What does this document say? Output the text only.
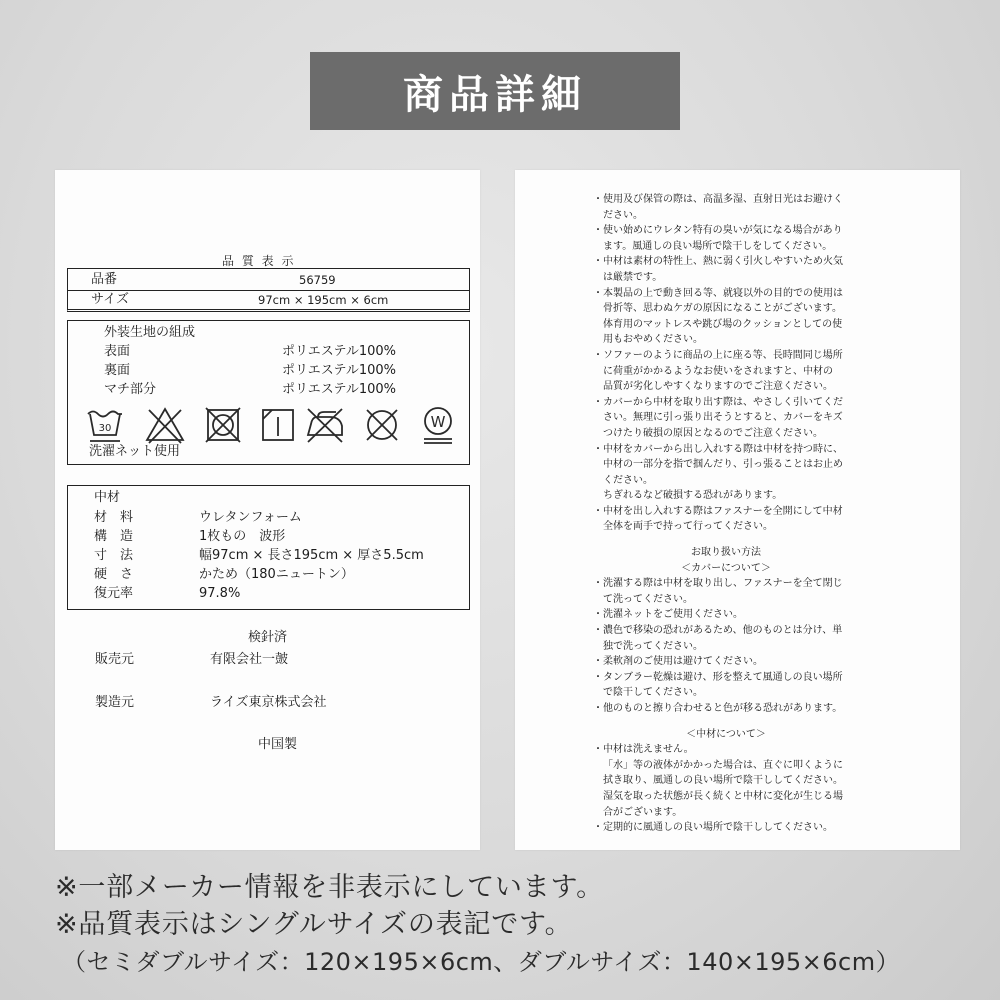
商品詳細
品 質 表 示
品番	56759
サイズ	97cm × 195cm × 6cm
外装生地の組成
表面	ポリエステル100%
裏面	ポリエステル100%
マチ部分	ポリエステル100%
30	W
洗濯ネット使用
中材
材　料	ウレタンフォーム
構　造	1枚もの　波形
寸　法	幅97cm × 長さ195cm × 厚さ5.5cm
硬　さ	かため（180ニュートン）
復元率	97.8%
検針済
販売元	有限会社一皷
製造元	ライズ東京株式会社
中国製
・使用及び保管の際は、高温多湿、直射日光はお避けく
ださい。
・使い始めにウレタン特有の臭いが気になる場合があり
ます。風通しの良い場所で陰干しをしてください。
・中材は素材の特性上、熱に弱く引火しやすいため火気
は厳禁です。
・本製品の上で動き回る等、就寝以外の目的での使用は
骨折等、思わぬケガの原因になることがございます。
体育用のマットレスや跳び場のクッションとしての使
用もおやめください。
・ソファーのように商品の上に座る等、長時間同じ場所
に荷重がかかるようなお使いをされますと、中材の
品質が劣化しやすくなりますのでご注意ください。
・カバーから中材を取り出す際は、やさしく引いてくだ
さい。無理に引っ張り出そうとすると、カバーをキズ
つけたり破損の原因となるのでご注意ください。
・中材をカバーから出し入れする際は中材を持つ時に、
中材の一部分を指で掴んだり、引っ張ることはお止め
ください。
ちぎれるなど破損する恐れがあります。
・中材を出し入れする際はファスナーを全開にして中材
全体を両手で持って行ってください。
お取り扱い方法
＜カバーについて＞
・洗濯する際は中材を取り出し、ファスナーを全て閉じ
て洗ってください。
・洗濯ネットをご使用ください。
・濃色で移染の恐れがあるため、他のものとは分け、単
独で洗ってください。
・柔軟剤のご使用は避けてください。
・タンブラー乾燥は避け、形を整えて風通しの良い場所
で陰干してください。
・他のものと擦り合わせると色が移る恐れがあります。
＜中材について＞
・中材は洗えません。
「水」等の液体がかかった場合は、直ぐに叩くように
拭き取り、風通しの良い場所で陰干ししてください。
湿気を取った状態が長く続くと中材に変化が生じる場
合がございます。
・定期的に風通しの良い場所で陰干ししてください。
※一部メーカー情報を非表示にしています。
※品質表示はシングルサイズの表記です。
（セミダブルサイズ：120×195×6cm、ダブルサイズ：140×195×6cm）
